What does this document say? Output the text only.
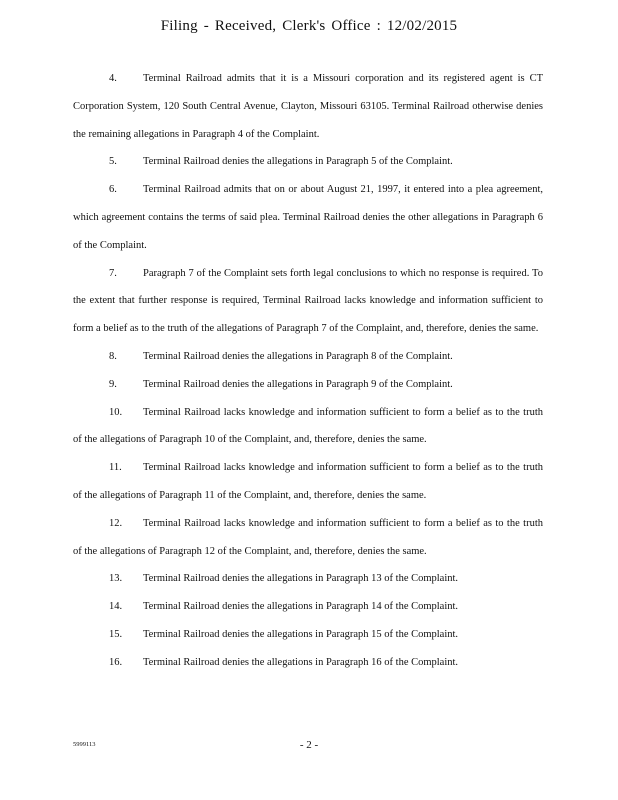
Filing - Received, Clerk's Office : 12/02/2015

4. Terminal Railroad admits that it is a Missouri corporation and its registered agent is CT Corporation System, 120 South Central Avenue, Clayton, Missouri 63105. Terminal Railroad otherwise denies the remaining allegations in Paragraph 4 of the Complaint.

5. Terminal Railroad denies the allegations in Paragraph 5 of the Complaint.

6. Terminal Railroad admits that on or about August 21, 1997, it entered into a plea agreement, which agreement contains the terms of said plea. Terminal Railroad denies the other allegations in Paragraph 6 of the Complaint.

7. Paragraph 7 of the Complaint sets forth legal conclusions to which no response is required. To the extent that further response is required, Terminal Railroad lacks knowledge and information sufficient to form a belief as to the truth of the allegations of Paragraph 7 of the Complaint, and, therefore, denies the same.

8. Terminal Railroad denies the allegations in Paragraph 8 of the Complaint.

9. Terminal Railroad denies the allegations in Paragraph 9 of the Complaint.

10. Terminal Railroad lacks knowledge and information sufficient to form a belief as to the truth of the allegations of Paragraph 10 of the Complaint, and, therefore, denies the same.

11. Terminal Railroad lacks knowledge and information sufficient to form a belief as to the truth of the allegations of Paragraph 11 of the Complaint, and, therefore, denies the same.

12. Terminal Railroad lacks knowledge and information sufficient to form a belief as to the truth of the allegations of Paragraph 12 of the Complaint, and, therefore, denies the same.

13. Terminal Railroad denies the allegations in Paragraph 13 of the Complaint.

14. Terminal Railroad denies the allegations in Paragraph 14 of the Complaint.

15. Terminal Railroad denies the allegations in Paragraph 15 of the Complaint.

16. Terminal Railroad denies the allegations in Paragraph 16 of the Complaint.

5999113	- 2 -
